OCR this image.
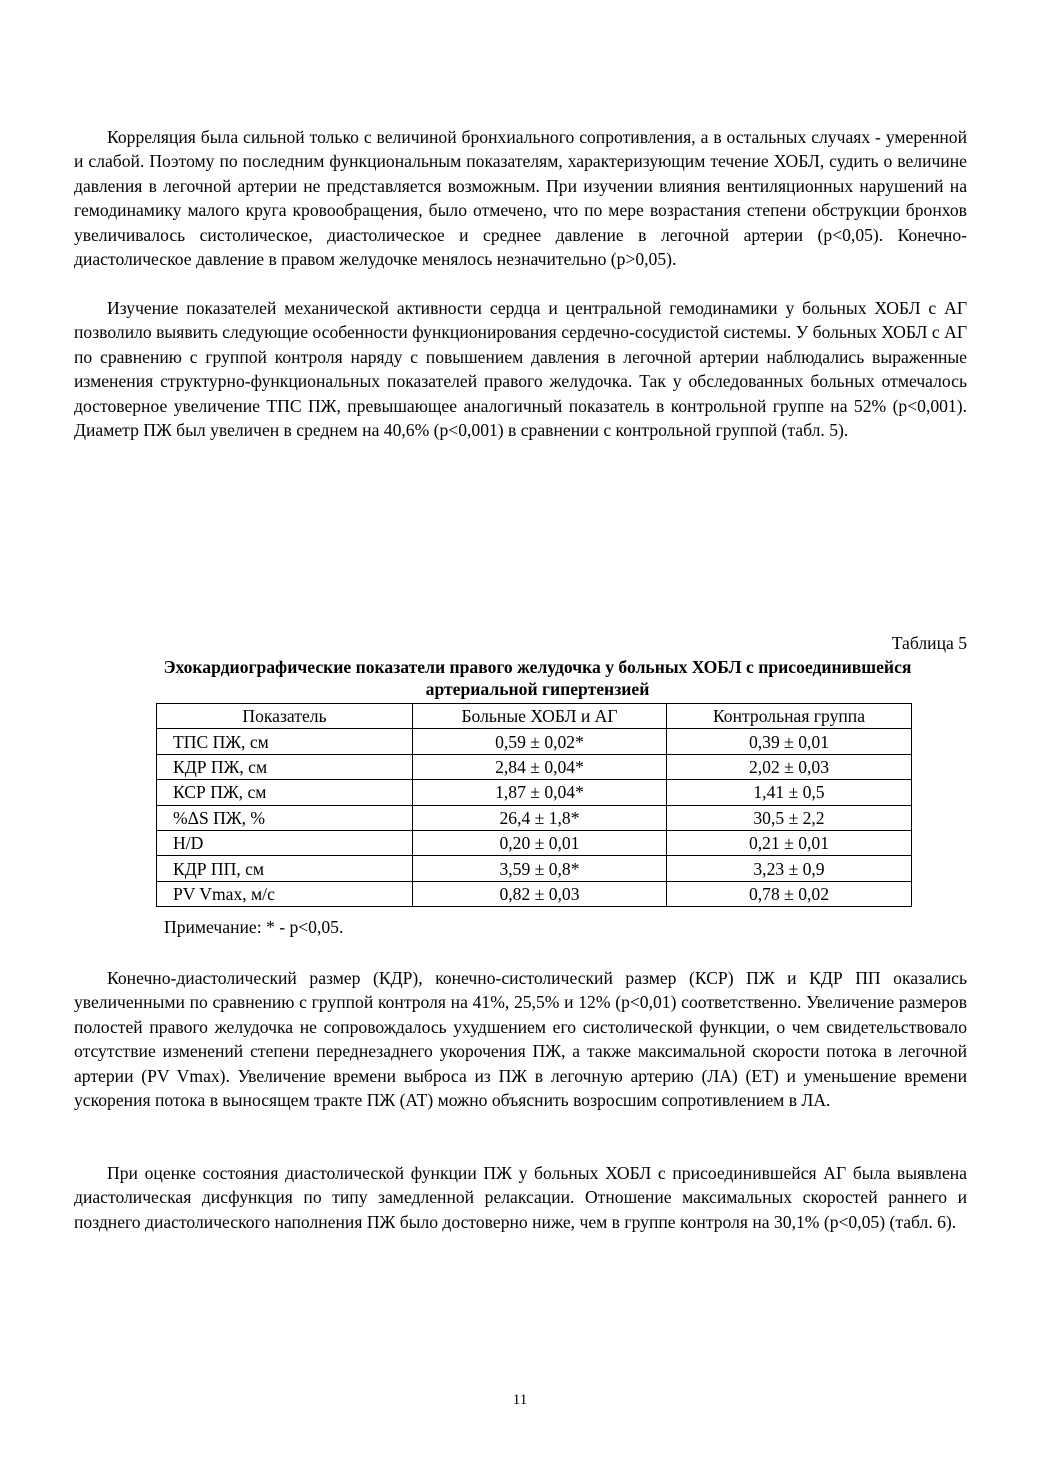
Корреляция была сильной только с величиной бронхиального сопротивления, а в остальных случаях - умеренной и слабой. Поэтому по последним функциональным показателям, характеризующим течение ХОБЛ, судить о величине давления в легочной артерии не представляется возможным. При изучении влияния вентиляционных нарушений на гемодинамику малого круга кровообращения, было отмечено, что по мере возрастания степени обструкции бронхов увеличивалось систолическое, диастолическое и среднее давление в легочной артерии (р<0,05). Конечно-диастолическое давление в правом желудочке менялось незначительно (р>0,05).

Изучение показателей механической активности сердца и центральной гемодинамики у больных ХОБЛ с АГ позволило выявить следующие особенности функционирования сердечно-сосудистой системы. У больных ХОБЛ с АГ по сравнению с группой контроля наряду с повышением давления в легочной артерии наблюдались выраженные изменения структурно-функциональных показателей правого желудочка. Так у обследованных больных отмечалось достоверное увеличение ТПС ПЖ, превышающее аналогичный показатель в контрольной группе на 52% (р<0,001). Диаметр ПЖ был увеличен в среднем на 40,6% (р<0,001) в сравнении с контрольной группой (табл. 5).

Таблица 5
Эхокардиографические показатели правого желудочка у больных ХОБЛ с присоединившейся артериальной гипертензией
Показатель	Больные ХОБЛ и АГ	Контрольная группа
ТПС ПЖ, см	0,59 ± 0,02*	0,39 ± 0,01
КДР ПЖ, см	2,84 ± 0,04*	2,02 ± 0,03
КСР ПЖ, см	1,87 ± 0,04*	1,41 ± 0,5
%ΔS ПЖ, %	26,4 ± 1,8*	30,5 ± 2,2
H/D	0,20 ± 0,01	0,21 ± 0,01
КДР ПП, см	3,59 ± 0,8*	3,23 ± 0,9
PV Vmax, м/с	0,82 ± 0,03	0,78 ± 0,02
Примечание: * - р<0,05.

Конечно-диастолический размер (КДР), конечно-систолический размер (КСР) ПЖ и КДР ПП оказались увеличенными по сравнению с группой контроля на 41%, 25,5% и 12% (р<0,01) соответственно. Увеличение размеров полостей правого желудочка не сопровождалось ухудшением его систолической функции, о чем свидетельствовало отсутствие изменений степени переднезаднего укорочения ПЖ, а также максимальной скорости потока в легочной артерии (PV Vmax). Увеличение времени выброса из ПЖ в легочную артерию (ЛА) (ЕТ) и уменьшение времени ускорения потока в выносящем тракте ПЖ (АТ) можно объяснить возросшим сопротивлением в ЛА.

При оценке состояния диастолической функции ПЖ у больных ХОБЛ с присоединившейся АГ была выявлена диастолическая дисфункция по типу замедленной релаксации. Отношение максимальных скоростей раннего и позднего диастолического наполнения ПЖ было достоверно ниже, чем в группе контроля на 30,1% (р<0,05) (табл. 6).

11
